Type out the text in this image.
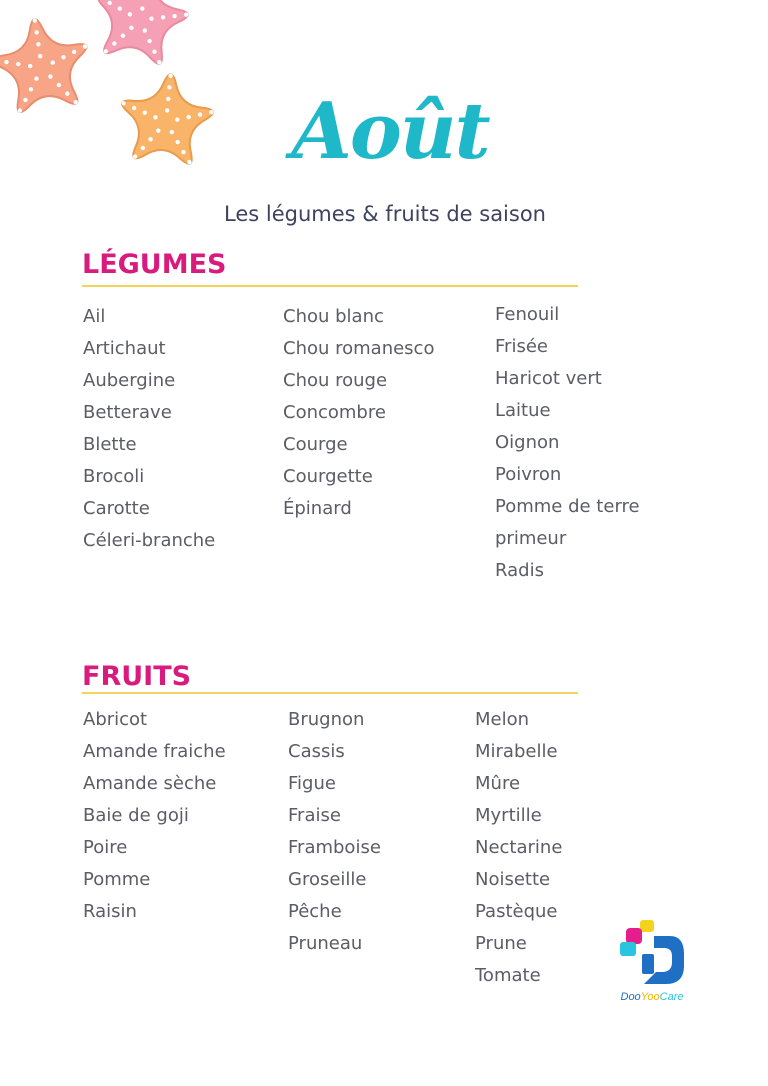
Août
Les légumes & fruits de saison
LÉGUMES
Ail
Artichaut
Aubergine
Betterave
Blette
Brocoli
Carotte
Céleri-branche
Chou blanc
Chou romanesco
Chou rouge
Concombre
Courge
Courgette
Épinard
Fenouil
Frisée
Haricot vert
Laitue
Oignon
Poivron
Pomme de terre
primeur
Radis
FRUITS
Abricot
Amande fraiche
Amande sèche
Baie de goji
Poire
Pomme
Raisin
Brugnon
Cassis
Figue
Fraise
Framboise
Groseille
Pêche
Pruneau
Melon
Mirabelle
Mûre
Myrtille
Nectarine
Noisette
Pastèque
Prune
Tomate
DooYooCare
